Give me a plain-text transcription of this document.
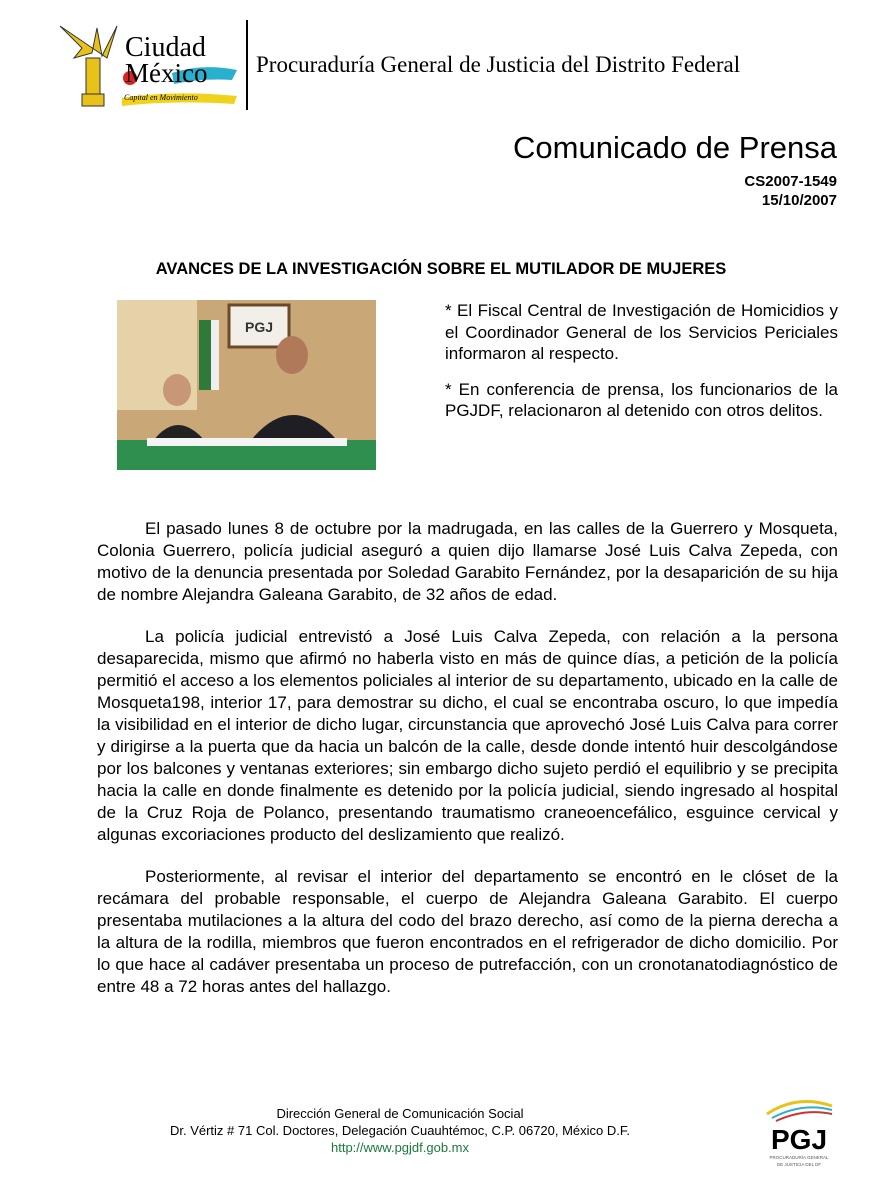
Ciudad
México
Capital en Movimiento
Procuraduría General de Justicia del Distrito Federal
Comunicado de Prensa
CS2007-1549
15/10/2007
AVANCES DE LA INVESTIGACIÓN SOBRE EL MUTILADOR DE MUJERES
PGJ

* El Fiscal Central de Investigación de Homicidios y el Coordinador General de los Servicios Periciales informaron al respecto.

* En conferencia de prensa, los funcionarios de la PGJDF, relacionaron al detenido con otros delitos.

El pasado lunes 8 de octubre por la madrugada, en las calles de la Guerrero y Mosqueta, Colonia Guerrero, policía judicial aseguró a quien dijo llamarse José Luis Calva Zepeda, con motivo de la denuncia presentada por Soledad Garabito Fernández, por la desaparición de su hija de nombre Alejandra Galeana Garabito, de 32 años de edad.

La policía judicial entrevistó a José Luis Calva Zepeda, con relación a la persona desaparecida, mismo que afirmó no haberla visto en más de quince días, a petición de la policía permitió el acceso a los elementos policiales al interior de su departamento, ubicado en la calle de Mosqueta198, interior 17, para demostrar su dicho, el cual se encontraba oscuro, lo que impedía la visibilidad en el interior de dicho lugar, circunstancia que aprovechó José Luis Calva para correr y dirigirse a la puerta que da hacia un balcón de la calle, desde donde intentó huir descolgándose por los balcones y ventanas exteriores; sin embargo dicho sujeto perdió el equilibrio y se precipita hacia la calle en donde finalmente es detenido por la policía judicial, siendo ingresado al hospital de la Cruz Roja de Polanco, presentando traumatismo craneoencefálico, esguince cervical y algunas excoriaciones producto del deslizamiento que realizó.

Posteriormente, al revisar el interior del departamento se encontró en le clóset de la recámara del probable responsable, el cuerpo de Alejandra Galeana Garabito. El cuerpo presentaba mutilaciones a la altura del codo del brazo derecho, así como de la pierna derecha a la altura de la rodilla, miembros que fueron encontrados en el refrigerador de dicho domicilio. Por lo que hace al cadáver presentaba un proceso de putrefacción, con un cronotanatodiagnóstico de entre 48 a 72 horas antes del hallazgo.

Dirección General de Comunicación Social
Dr. Vértiz # 71 Col. Doctores, Delegación Cuauhtémoc, C.P. 06720, México D.F.
http://www.pgjdf.gob.mx	PGJ
PROCURADURÍA GENERAL
DE JUSTICIA DEL DF
